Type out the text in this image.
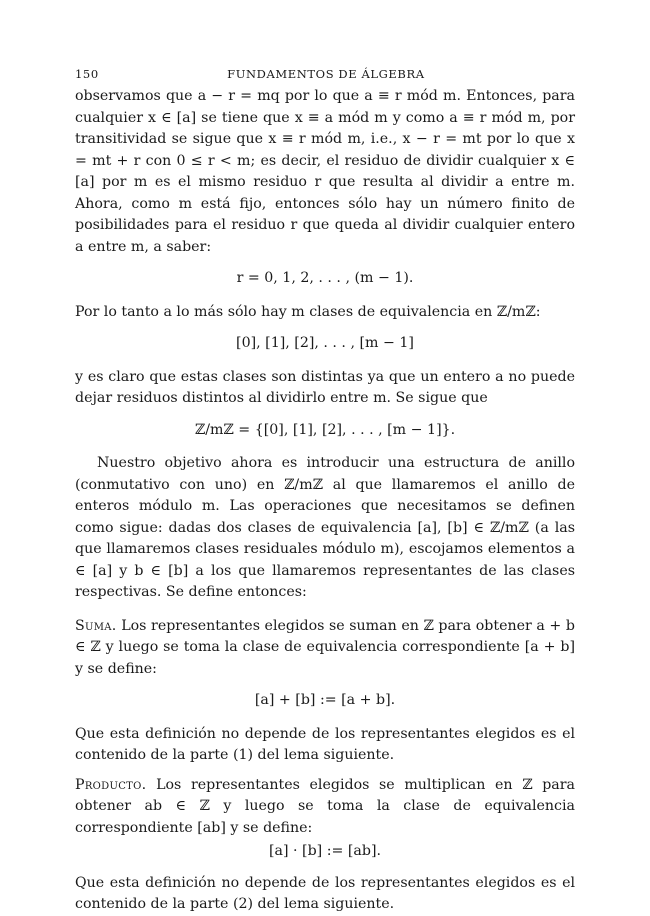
150	FUNDAMENTOS DE ÁLGEBRA

observamos que a − r = mq por lo que a ≡ r mód m. Entonces, para cualquier x ∈ [a] se tiene que x ≡ a mód m y como a ≡ r mód m, por transitividad se sigue que x ≡ r mód m, i.e., x − r = mt por lo que x = mt + r con 0 ≤ r < m; es decir, el residuo de dividir cualquier x ∈ [a] por m es el mismo residuo r que resulta al dividir a entre m. Ahora, como m está fijo, entonces sólo hay un número finito de posibilidades para el residuo r que queda al dividir cualquier entero a entre m, a saber:

r = 0, 1, 2, . . . , (m − 1).

Por lo tanto a lo más sólo hay m clases de equivalencia en ℤ/mℤ:

[0], [1], [2], . . . , [m − 1]

y es claro que estas clases son distintas ya que un entero a no puede dejar residuos distintos al dividirlo entre m. Se sigue que

ℤ/mℤ = {[0], [1], [2], . . . , [m − 1]}.

Nuestro objetivo ahora es introducir una estructura de anillo (conmutativo con uno) en ℤ/mℤ al que llamaremos el anillo de enteros módulo m. Las operaciones que necesitamos se definen como sigue: dadas dos clases de equivalencia [a], [b] ∈ ℤ/mℤ (a las que llamaremos clases residuales módulo m), escojamos elementos a ∈ [a] y b ∈ [b] a los que llamaremos representantes de las clases respectivas. Se define entonces:

Suma. Los representantes elegidos se suman en ℤ para obtener a + b ∈ ℤ y luego se toma la clase de equivalencia correspondiente [a + b] y se define:

[a] + [b] := [a + b].

Que esta definición no depende de los representantes elegidos es el contenido de la parte (1) del lema siguiente.

Producto. Los representantes elegidos se multiplican en ℤ para obtener ab ∈ ℤ y luego se toma la clase de equivalencia correspondiente [ab] y se define:

[a] · [b] := [ab].

Que esta definición no depende de los representantes elegidos es el contenido de la parte (2) del lema siguiente.
